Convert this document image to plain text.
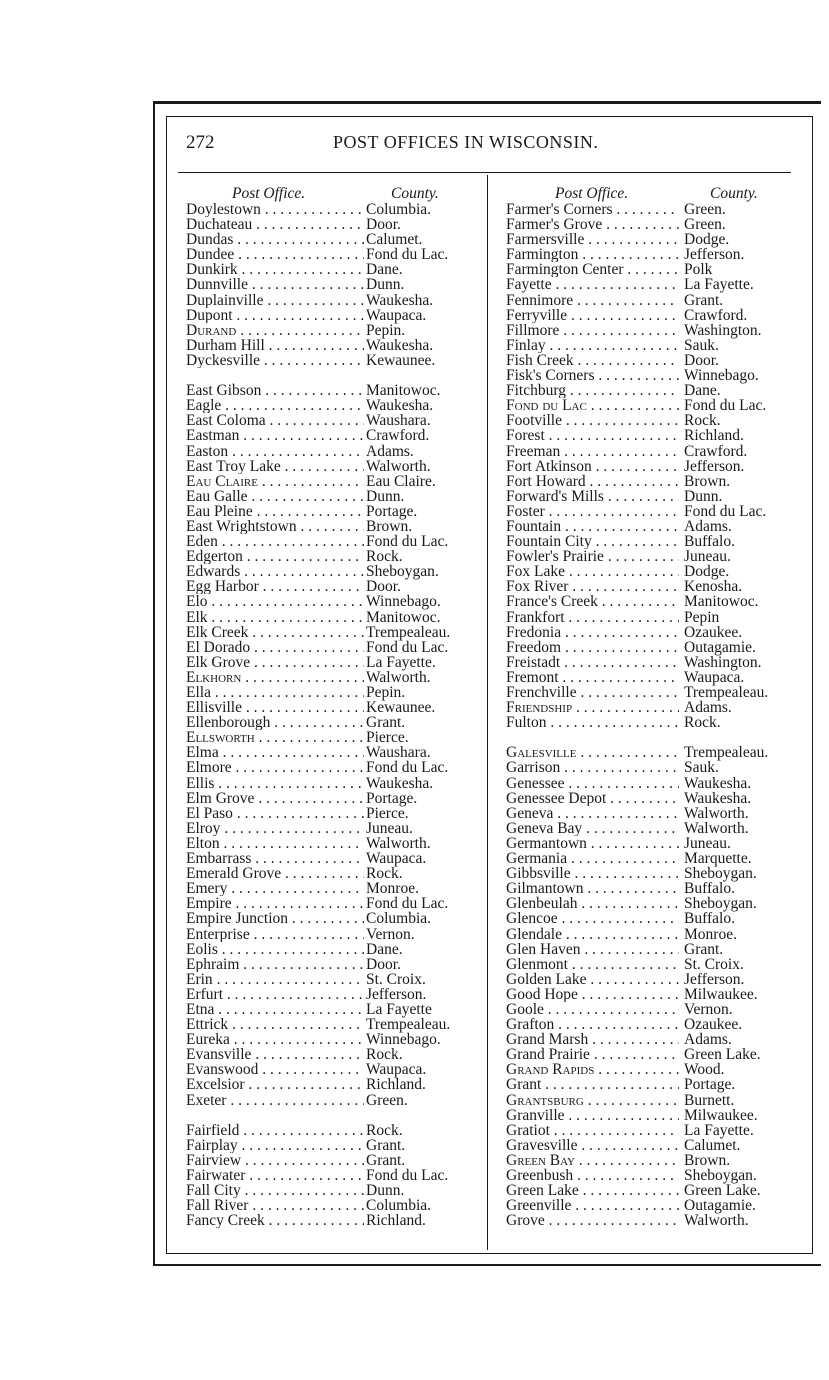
272	POST OFFICES IN WISCONSIN.
Post Office.	County.
Doylestown . . .	Columbia.
Duchateau . . .	Door.
Dundas . . .	Calumet.
Dundee . . .	Fond du Lac.
Dunkirk . . .	Dane.
Dunnville . . .	Dunn.
Duplainville . . .	Waukesha.
Dupont . . .	Waupaca.
Durand . . .	Pepin.
Durham Hill . . .	Waukesha.
Dyckesville . . .	Kewaunee.
East Gibson . . .	Manitowoc.
Eagle . . .	Waukesha.
East Coloma . . .	Waushara.
Eastman . . .	Crawford.
Easton . . .	Adams.
East Troy Lake . . .	Walworth.
Eau Claire . . .	Eau Claire.
Eau Galle . . .	Dunn.
Eau Pleine . . .	Portage.
East Wrightstown . . .	Brown.
Eden . . .	Fond du Lac.
Edgerton . . .	Rock.
Edwards . . .	Sheboygan.
Egg Harbor . . .	Door.
Elo . . .	Winnebago.
Elk . . .	Manitowoc.
Elk Creek . . .	Trempealeau.
El Dorado . . .	Fond du Lac.
Elk Grove . . .	La Fayette.
Elkhorn . . .	Walworth.
Ella . . .	Pepin.
Ellisville . . .	Kewaunee.
Ellenborough . . .	Grant.
Ellsworth . . .	Pierce.
Elma . . .	Waushara.
Elmore . . .	Fond du Lac.
Ellis . . .	Waukesha.
Elm Grove . . .	Portage.
El Paso . . .	Pierce.
Elroy . . .	Juneau.
Elton . . .	Walworth.
Embarrass . . .	Waupaca.
Emerald Grove . . .	Rock.
Emery . . .	Monroe.
Empire . . .	Fond du Lac.
Empire Junction . . .	Columbia.
Enterprise . . .	Vernon.
Eolis . . .	Dane.
Ephraim . . .	Door.
Erin . . .	St. Croix.
Erfurt . . .	Jefferson.
Etna . . .	La Fayette
Ettrick . . .	Trempealeau.
Eureka . . .	Winnebago.
Evansville . . .	Rock.
Evanswood . . .	Waupaca.
Excelsior . . .	Richland.
Exeter . . .	Green.
Fairfield . . .	Rock.
Fairplay . . .	Grant.
Fairview . . .	Grant.
Fairwater . . .	Fond du Lac.
Fall City . . .	Dunn.
Fall River . . .	Columbia.
Fancy Creek . . .	Richland.
Post Office.	County.
Farmer's Corners . . .	Green.
Farmer's Grove . . .	Green.
Farmersville . . .	Dodge.
Farmington . . .	Jefferson.
Farmington Center . . .	Polk
Fayette . . .	La Fayette.
Fennimore . . .	Grant.
Ferryville . . .	Crawford.
Fillmore . . .	Washington.
Finlay . . .	Sauk.
Fish Creek . . .	Door.
Fisk's Corners . . .	Winnebago.
Fitchburg . . .	Dane.
Fond du Lac . . .	Fond du Lac.
Footville . . .	Rock.
Forest . . .	Richland.
Freeman . . .	Crawford.
Fort Atkinson . . .	Jefferson.
Fort Howard . . .	Brown.
Forward's Mills . . .	Dunn.
Foster . . .	Fond du Lac.
Fountain . . .	Adams.
Fountain City . . .	Buffalo.
Fowler's Prairie . . .	Juneau.
Fox Lake . . .	Dodge.
Fox River . . .	Kenosha.
France's Creek . . .	Manitowoc.
Frankfort . . .	Pepin
Fredonia . . .	Ozaukee.
Freedom . . .	Outagamie.
Freistadt . . .	Washington.
Fremont . . .	Waupaca.
Frenchville . . .	Trempealeau.
Friendship . . .	Adams.
Fulton . . .	Rock.
Galesville . . .	Trempealeau.
Garrison . . .	Sauk.
Genessee . . .	Waukesha.
Genessee Depot . . .	Waukesha.
Geneva . . .	Walworth.
Geneva Bay . . .	Walworth.
Germantown . . .	Juneau.
Germania . . .	Marquette.
Gibbsville . . .	Sheboygan.
Gilmantown . . .	Buffalo.
Glenbeulah . . .	Sheboygan.
Glencoe . . .	Buffalo.
Glendale . . .	Monroe.
Glen Haven . . .	Grant.
Glenmont . . .	St. Croix.
Golden Lake . . .	Jefferson.
Good Hope . . .	Milwaukee.
Goole . . .	Vernon.
Grafton . . .	Ozaukee.
Grand Marsh . . .	Adams.
Grand Prairie . . .	Green Lake.
Grand Rapids . . .	Wood.
Grant . . .	Portage.
Grantsburg . . .	Burnett.
Granville . . .	Milwaukee.
Gratiot . . .	La Fayette.
Gravesville . . .	Calumet.
Green Bay . . .	Brown.
Greenbush . . .	Sheboygan.
Green Lake . . .	Green Lake.
Greenville . . .	Outagamie.
Grove . . .	Walworth.
